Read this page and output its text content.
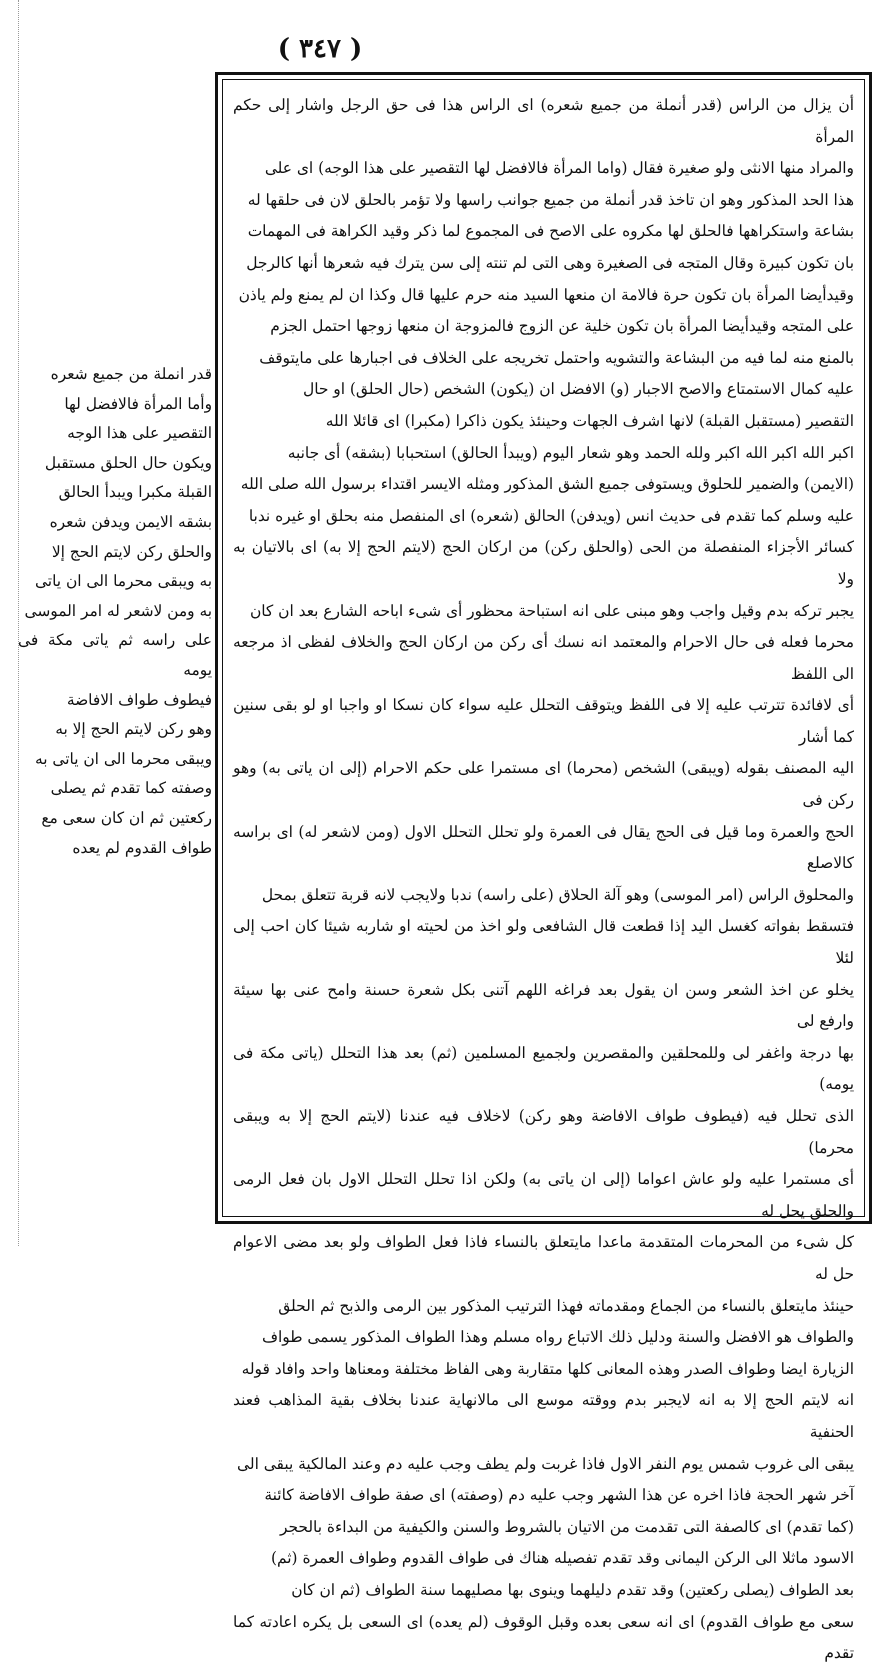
( ٣٤٧ )

قدر انملة من جميع شعره

وأما المرأة فالافضل لها

التقصير على هذا الوجه

ويكون حال الحلق مستقبل

القبلة مكبرا ويبدأ الحالق

بشقه الايمن ويدفن شعره

والحلق ركن لايتم الحج إلا

به ويبقى محرما الى ان ياتى

به ومن لاشعر له امر الموسى

على راسه ثم ياتى مكة فى يومه

فيطوف طواف الافاضة

وهو ركن لايتم الحج إلا به

ويبقى محرما الى ان ياتى به

وصفته كما تقدم ثم يصلى

ركعتين ثم ان كان سعى مع

طواف القدوم لم يعده

أن يزال من الراس (قدر أنملة من جميع شعره) اى الراس هذا فى حق الرجل واشار إلى حكم المرأة

والمراد منها الانثى ولو صغيرة فقال (واما المرأة فالافضل لها التقصير على هذا الوجه) اى على

هذا الحد المذكور وهو ان تاخذ قدر أنملة من جميع جوانب راسها ولا تؤمر بالحلق لان فى حلقها له

بشاعة واستكراهها فالحلق لها مكروه على الاصح فى المجموع لما ذكر وقيد الكراهة فى المهمات

بان تكون كبيرة وقال المتجه فى الصغيرة وهى التى لم تنته إلى سن يترك فيه شعرها أنها كالرجل

وقيدأيضا المرأة بان تكون حرة فالامة ان منعها السيد منه حرم عليها قال وكذا ان لم يمنع ولم ياذن

على المتجه وقيدأيضا المرأة بان تكون خلية عن الزوج فالمزوجة ان منعها زوجها احتمل الجزم

بالمنع منه لما فيه من البشاعة والتشويه واحتمل تخريجه على الخلاف فى اجبارها على مايتوقف

عليه كمال الاستمتاع والاصح الاجبار (و) الافضل ان (يكون) الشخص (حال الحلق) او حال

التقصير (مستقبل القبلة) لانها اشرف الجهات وحينئذ يكون ذاكرا (مكبرا) اى قائلا الله

اكبر الله اكبر الله اكبر ولله الحمد وهو شعار اليوم (ويبدأ الحالق) استحبابا (بشقه) أى جانبه

(الايمن) والضمير للحلوق ويستوفى جميع الشق المذكور ومثله الايسر اقتداء برسول الله صلى الله

عليه وسلم كما تقدم فى حديث انس (ويدفن) الحالق (شعره) اى المنفصل منه بحلق او غيره ندبا

كسائر الأجزاء المنفصلة من الحى (والحلق ركن) من اركان الحج (لايتم الحج إلا به) اى بالاتيان به ولا

يجبر تركه بدم وقيل واجب وهو مبنى على انه استباحة محظور أى شىء اباحه الشارع بعد ان كان

محرما فعله فى حال الاحرام والمعتمد انه نسك أى ركن من اركان الحج والخلاف لفظى اذ مرجعه الى اللفظ

أى لافائدة تترتب عليه إلا فى اللفظ ويتوقف التحلل عليه سواء كان نسكا او واجبا او لو بقى سنين كما أشار

اليه المصنف بقوله (ويبقى) الشخص (محرما) اى مستمرا على حكم الاحرام (إلى ان ياتى به) وهو ركن فى

الحج والعمرة وما قيل فى الحج يقال فى العمرة ولو تحلل التحلل الاول (ومن لاشعر له) اى براسه كالاصلع

والمحلوق الراس (امر الموسى) وهو آلة الحلاق (على راسه) ندبا ولايجب لانه قربة تتعلق بمحل

فتسقط بفواته كغسل اليد إذا قطعت قال الشافعى ولو اخذ من لحيته او شاربه شيئا كان احب إلى لئلا

يخلو عن اخذ الشعر وسن ان يقول بعد فراغه اللهم آتنى بكل شعرة حسنة وامح عنى بها سيئة وارفع لى

بها درجة واغفر لى وللمحلقين والمقصرين ولجميع المسلمين (ثم) بعد هذا التحلل (ياتى مكة فى يومه)

الذى تحلل فيه (فيطوف طواف الافاضة وهو ركن) لاخلاف فيه عندنا (لايتم الحج إلا به ويبقى محرما)

أى مستمرا عليه ولو عاش اعواما (إلى ان ياتى به) ولكن اذا تحلل التحلل الاول بان فعل الرمى والحلق يحل له

كل شىء من المحرمات المتقدمة ماعدا مايتعلق بالنساء فاذا فعل الطواف ولو بعد مضى الاعوام حل له

حينئذ مايتعلق بالنساء من الجماع ومقدماته فهذا الترتيب المذكور بين الرمى والذبح ثم الحلق

والطواف هو الافضل والسنة ودليل ذلك الاتباع رواه مسلم وهذا الطواف المذكور يسمى طواف

الزيارة ايضا وطواف الصدر وهذه المعانى كلها متقاربة وهى الفاظ مختلفة ومعناها واحد وافاد قوله

انه لايتم الحج إلا به انه لايجبر بدم ووقته موسع الى مالانهاية عندنا بخلاف بقية المذاهب فعند الحنفية

يبقى الى غروب شمس يوم النفر الاول فاذا غربت ولم يطف وجب عليه دم وعند المالكية يبقى الى

آخر شهر الحجة فاذا اخره عن هذا الشهر وجب عليه دم (وصفته) اى صفة طواف الافاضة كائنة

(كما تقدم) اى كالصفة التى تقدمت من الاتيان بالشروط والسنن والكيفية من البداءة بالحجر

الاسود ماثلا الى الركن اليمانى وقد تقدم تفصيله هناك فى طواف القدوم وطواف العمرة (ثم)

بعد الطواف (يصلى ركعتين) وقد تقدم دليلهما وينوى بها مصليهما سنة الطواف (ثم ان كان

سعى مع طواف القدوم) اى انه سعى بعده وقبل الوقوف (لم يعده) اى السعى بل يكره اعادته كما تقدم
